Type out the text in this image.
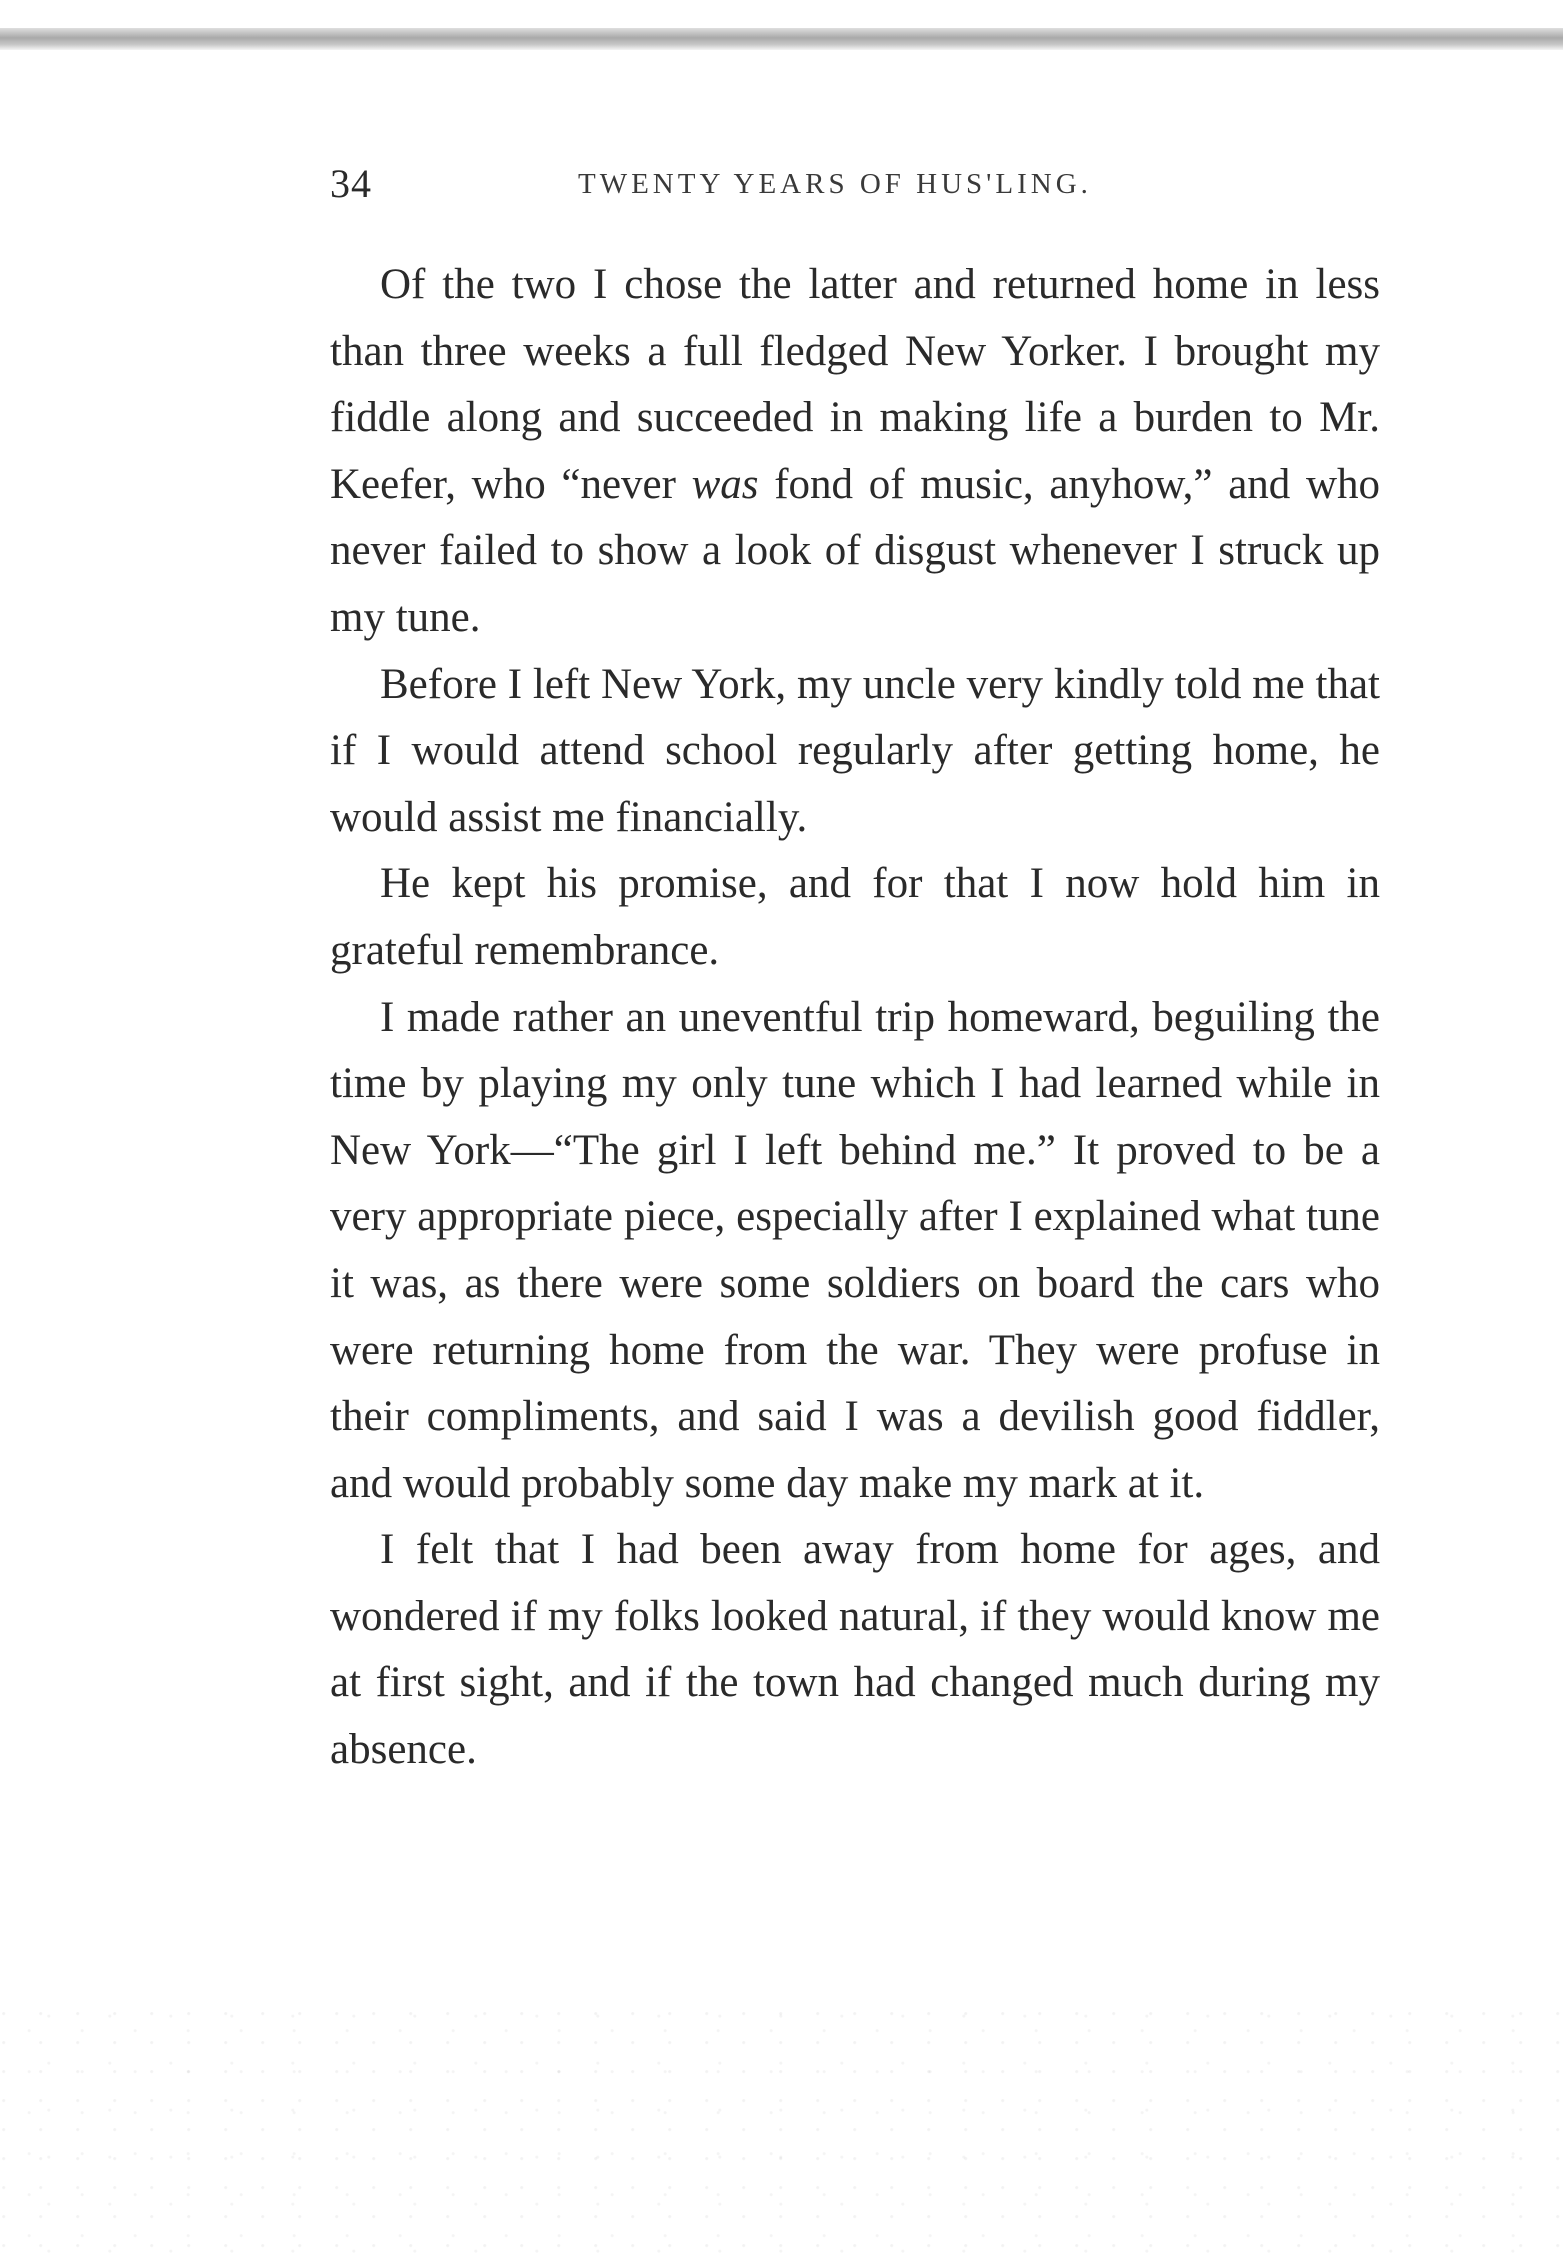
34	TWENTY YEARS OF HUS'LING.

Of the two I chose the latter and returned home in less than three weeks a full fledged New Yorker. I brought my fiddle along and succeeded in making life a burden to Mr. Keefer, who “never was fond of music, anyhow,” and who never failed to show a look of disgust whenever I struck up my tune.

Before I left New York, my uncle very kindly told me that if I would attend school regularly after getting home, he would assist me financially.

He kept his promise, and for that I now hold him in grateful remembrance.

I made rather an uneventful trip homeward, beguiling the time by playing my only tune which I had learned while in New York—“The girl I left behind me.” It proved to be a very appropriate piece, especially after I explained what tune it was, as there were some soldiers on board the cars who were returning home from the war. They were profuse in their compliments, and said I was a devilish good fiddler, and would probably some day make my mark at it.

I felt that I had been away from home for ages, and wondered if my folks looked natural, if they would know me at first sight, and if the town had changed much during my absence.
